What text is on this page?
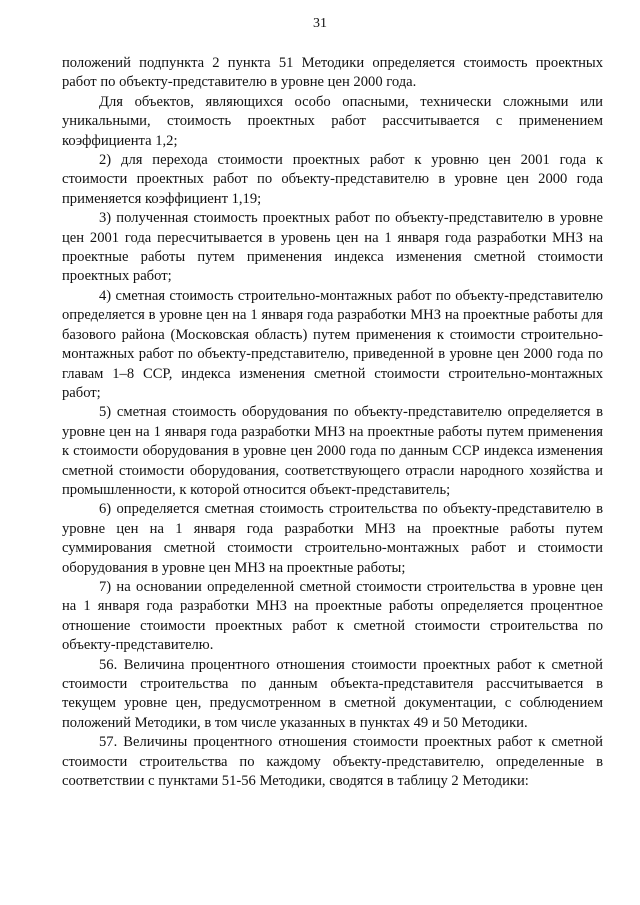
31

положений подпункта 2 пункта 51 Методики определяется стоимость проектных работ по объекту-представителю в уровне цен 2000 года.

Для объектов, являющихся особо опасными, технически сложными или уникальными, стоимость проектных работ рассчитывается с применением коэффициента 1,2;

2) для перехода стоимости проектных работ к уровню цен 2001 года к стоимости проектных работ по объекту-представителю в уровне цен 2000 года применяется коэффициент 1,19;

3) полученная стоимость проектных работ по объекту-представителю в уровне цен 2001 года пересчитывается в уровень цен на 1 января года разработки МНЗ на проектные работы путем применения индекса изменения сметной стоимости проектных работ;

4) сметная стоимость строительно-монтажных работ по объекту-представителю определяется в уровне цен на 1 января года разработки МНЗ на проектные работы для базового района (Московская область) путем применения к стоимости строительно-монтажных работ по объекту-представителю, приведенной в уровне цен 2000 года по главам 1–8 ССР, индекса изменения сметной стоимости строительно-монтажных работ;

5) сметная стоимость оборудования по объекту-представителю определяется в уровне цен на 1 января года разработки МНЗ на проектные работы путем применения к стоимости оборудования в уровне цен 2000 года по данным ССР индекса изменения сметной стоимости оборудования, соответствующего отрасли народного хозяйства и промышленности, к которой относится объект-представитель;

6) определяется сметная стоимость строительства по объекту-представителю в уровне цен на 1 января года разработки МНЗ на проектные работы путем суммирования сметной стоимости строительно-монтажных работ и стоимости оборудования в уровне цен МНЗ на проектные работы;

7) на основании определенной сметной стоимости строительства в уровне цен на 1 января года разработки МНЗ на проектные работы определяется процентное отношение стоимости проектных работ к сметной стоимости строительства по объекту-представителю.

56. Величина процентного отношения стоимости проектных работ к сметной стоимости строительства по данным объекта-представителя рассчитывается в текущем уровне цен, предусмотренном в сметной документации, с соблюдением положений Методики, в том числе указанных в пунктах 49 и 50 Методики.

57. Величины процентного отношения стоимости проектных работ к сметной стоимости строительства по каждому объекту-представителю, определенные в соответствии с пунктами 51-56 Методики, сводятся в таблицу 2 Методики:
